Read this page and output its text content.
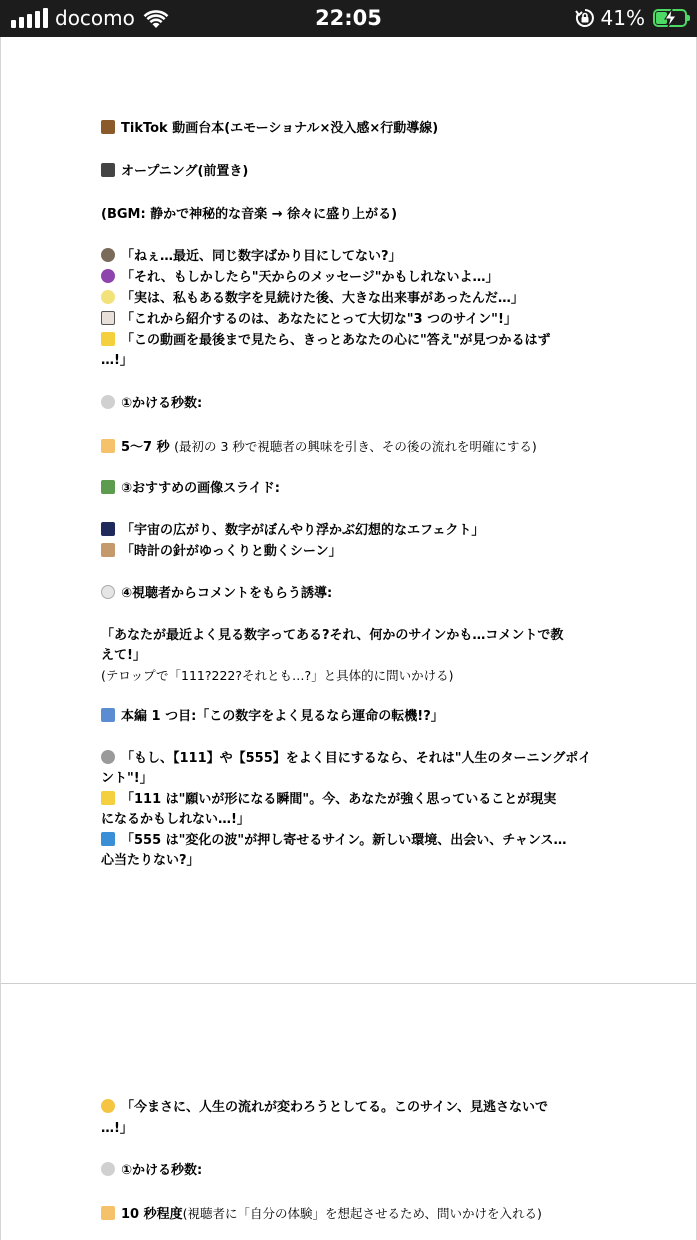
docomo	22:05	41%
TikTok 動画台本(エモーショナル×没入感×行動導線)
オープニング(前置き)
(BGM: 静かで神秘的な音楽 → 徐々に盛り上がる)
「ねぇ…最近、同じ数字ばかり目にしてない?」
「それ、もしかしたら"天からのメッセージ"かもしれないよ…」
「実は、私もある数字を見続けた後、大きな出来事があったんだ…」
「これから紹介するのは、あなたにとって大切な"3 つのサイン"!」
「この動画を最後まで見たら、きっとあなたの心に"答え"が見つかるはず
…!」
①かける秒数:
5〜7 秒 (最初の 3 秒で視聴者の興味を引き、その後の流れを明確にする)
③おすすめの画像スライド:
「宇宙の広がり、数字がぼんやり浮かぶ幻想的なエフェクト」
「時計の針がゆっくりと動くシーン」
④視聴者からコメントをもらう誘導:
「あなたが最近よく見る数字ってある?それ、何かのサインかも…コメントで教
えて!」
(テロップで「111?222?それとも…?」と具体的に問いかける)
本編 1 つ目:「この数字をよく見るなら運命の転機!?」
「もし、【111】や【555】をよく目にするなら、それは"人生のターニングポイ
ント"!」
「111 は"願いが形になる瞬間"。今、あなたが強く思っていることが現実
になるかもしれない…!」
「555 は"変化の波"が押し寄せるサイン。新しい環境、出会い、チャンス…
心当たりない?」
「今まさに、人生の流れが変わろうとしてる。このサイン、見逃さないで
…!」
①かける秒数:
10 秒程度(視聴者に「自分の体験」を想起させるため、問いかけを入れる)
